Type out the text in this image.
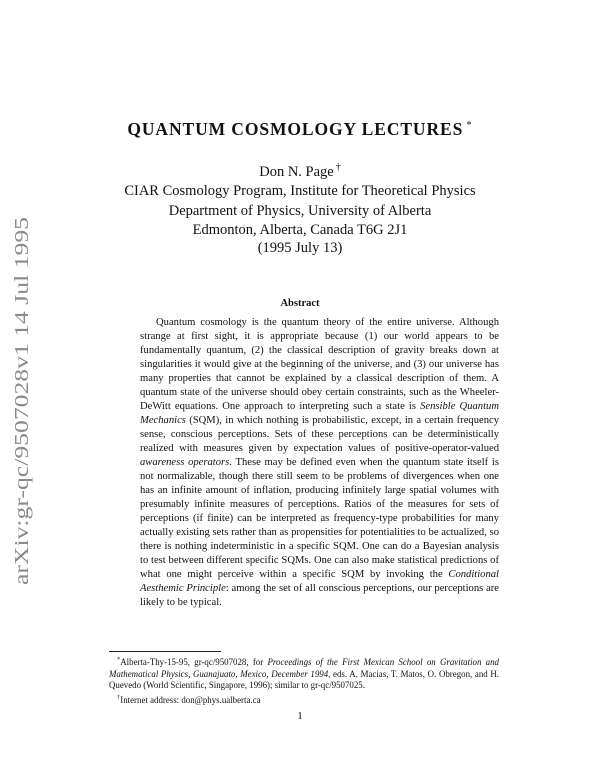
arXiv:gr-qc/9507028v1 14 Jul 1995
QUANTUM COSMOLOGY LECTURES *
Don N. Page †
CIAR Cosmology Program, Institute for Theoretical Physics
Department of Physics, University of Alberta
Edmonton, Alberta, Canada T6G 2J1
(1995 July 13)
Abstract

Quantum cosmology is the quantum theory of the entire universe. Although strange at first sight, it is appropriate because (1) our world appears to be fundamentally quantum, (2) the classical description of gravity breaks down at singularities it would give at the beginning of the universe, and (3) our universe has many properties that cannot be explained by a classical description of them. A quantum state of the universe should obey certain constraints, such as the Wheeler-DeWitt equations. One approach to interpreting such a state is Sensible Quantum Mechanics (SQM), in which nothing is probabilistic, except, in a certain frequency sense, conscious perceptions. Sets of these perceptions can be deterministically realized with measures given by expectation values of positive-operator-valued awareness operators. These may be defined even when the quantum state itself is not normalizable, though there still seem to be problems of divergences when one has an infinite amount of inflation, producing infinitely large spatial volumes with presumably infinite measures of perceptions. Ratios of the measures for sets of perceptions (if finite) can be interpreted as frequency-type probabilities for many actually existing sets rather than as propensities for potentialities to be actualized, so there is nothing indeterministic in a specific SQM. One can do a Bayesian analysis to test between different specific SQMs. One can also make statistical predictions of what one might perceive within a specific SQM by invoking the Conditional Aesthemic Principle: among the set of all conscious perceptions, our perceptions are likely to be typical.

*Alberta-Thy-15-95, gr-qc/9507028, for Proceedings of the First Mexican School on Gravitation and Mathematical Physics, Guanajuato, Mexico, December 1994, eds. A. Macias, T. Matos, O. Obregon, and H. Quevedo (World Scientific, Singapore, 1996); similar to gr-qc/9507025.

†Internet address: don@phys.ualberta.ca

1
